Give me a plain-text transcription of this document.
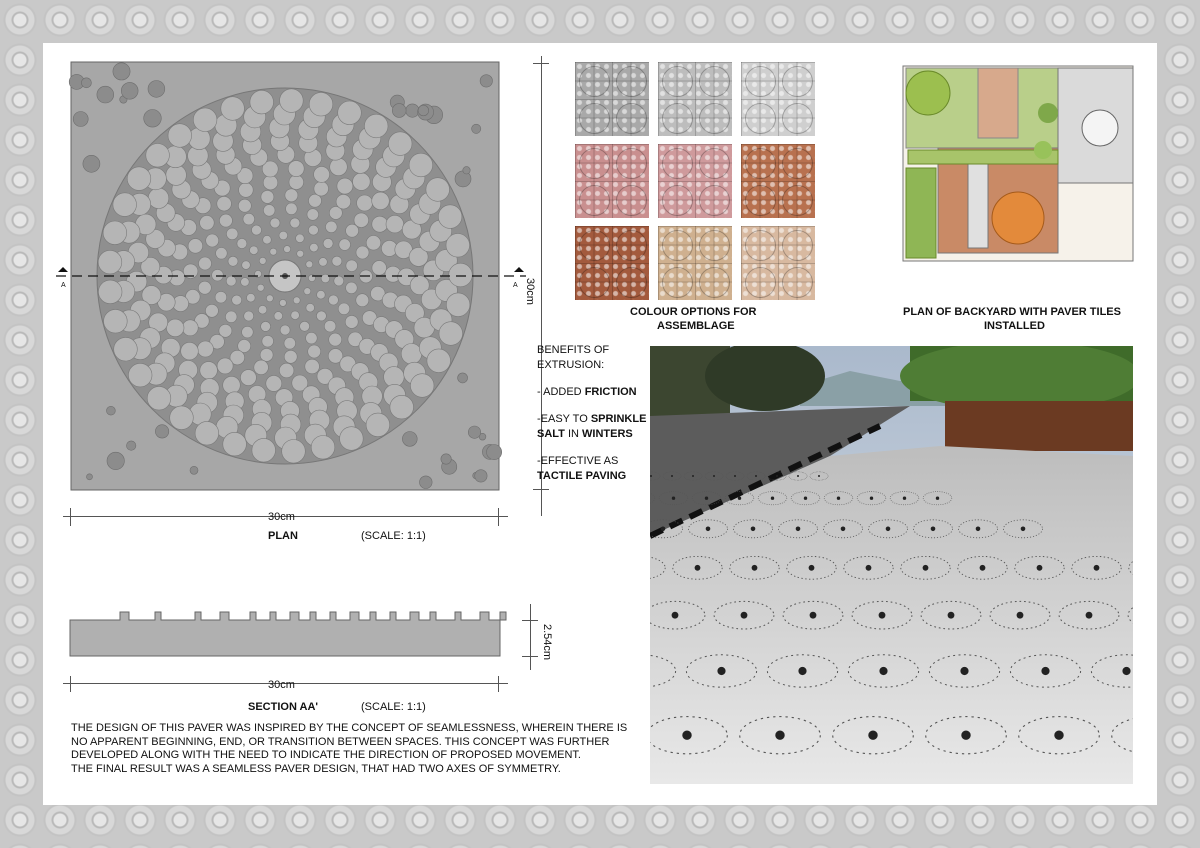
A	A
30cm
30cm
PLAN	(SCALE: 1:1)
30cm
2.54cm
SECTION AA'	(SCALE: 1:1)
COLOUR OPTIONS FOR
ASSEMBLAGE
PLAN OF BACKYARD WITH PAVER TILES
INSTALLED
BENEFITS OF
EXTRUSION:
- ADDED FRICTION
-EASY TO SPRINKLE
SALT IN WINTERS
-EFFECTIVE AS
TACTILE PAVING
THE DESIGN OF THIS PAVER WAS INSPIRED BY THE CONCEPT OF SEAMLESSNESS, WHEREIN THERE IS
NO APPARENT BEGINNING, END, OR TRANSITION BETWEEN SPACES. THIS CONCEPT WAS FURTHER
DEVELOPED ALONG WITH THE NEED TO INDICATE THE DIRECTION OF PROPOSED MOVEMENT.
THE FINAL RESULT WAS A SEAMLESS PAVER DESIGN, THAT HAD TWO AXES OF SYMMETRY.
